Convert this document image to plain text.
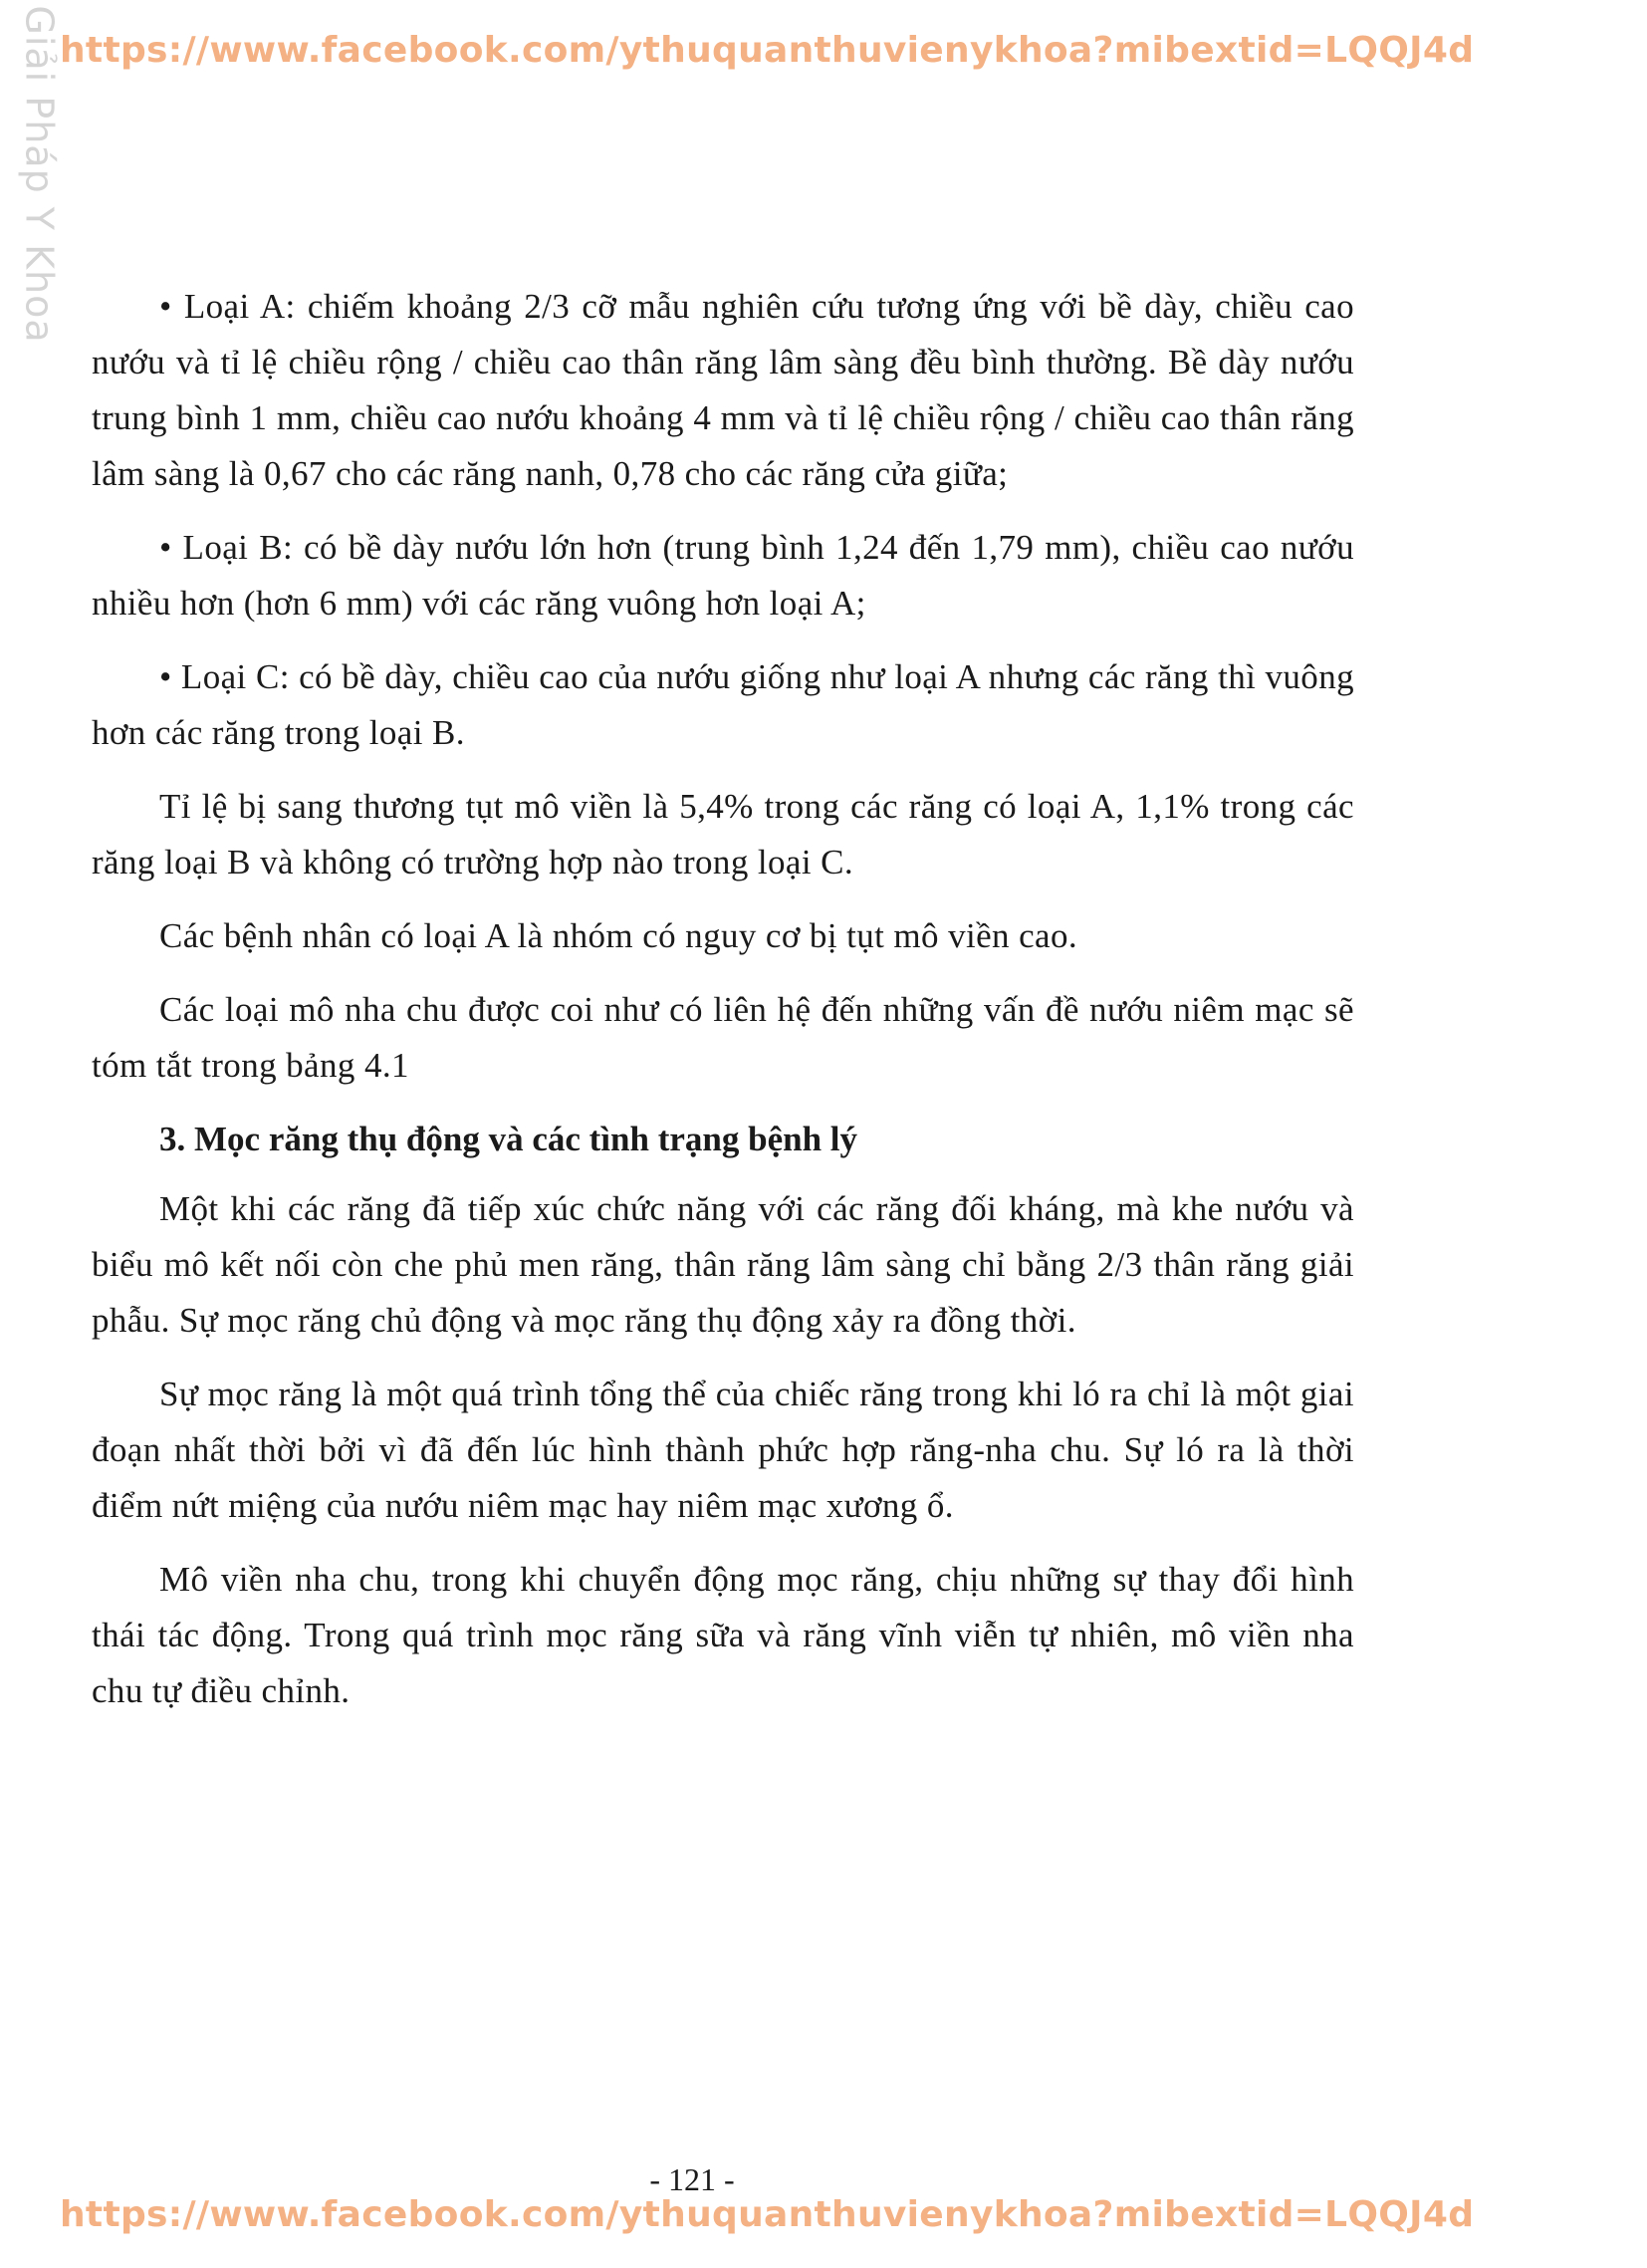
https://www.facebook.com/ythuquanthuvienykhoa?mibextid=LQQJ4d
Giải Pháp Y Khoa	• Loại A: chiếm khoảng 2/3 cỡ mẫu nghiên cứu tương ứng với bề dày, chiều cao nướu và tỉ lệ chiều rộng / chiều cao thân răng lâm sàng đều bình thường. Bề dày nướu trung bình 1 mm, chiều cao nướu khoảng 4 mm và tỉ lệ chiều rộng / chiều cao thân răng lâm sàng là 0,67 cho các răng nanh, 0,78 cho các răng cửa giữa;

• Loại B: có bề dày nướu lớn hơn (trung bình 1,24 đến 1,79 mm), chiều cao nướu nhiều hơn (hơn 6 mm) với các răng vuông hơn loại A;

• Loại C: có bề dày, chiều cao của nướu giống như loại A nhưng các răng thì vuông hơn các răng trong loại B.

Tỉ lệ bị sang thương tụt mô viền là 5,4% trong các răng có loại A, 1,1% trong các răng loại B và không có trường hợp nào trong loại C.

Các bệnh nhân có loại A là nhóm có nguy cơ bị tụt mô viền cao.

Các loại mô nha chu được coi như có liên hệ đến những vấn đề nướu niêm mạc sẽ tóm tắt trong bảng 4.1

3. Mọc răng thụ động và các tình trạng bệnh lý

Một khi các răng đã tiếp xúc chức năng với các răng đối kháng, mà khe nướu và biểu mô kết nối còn che phủ men răng, thân răng lâm sàng chỉ bằng 2/3 thân răng giải phẫu. Sự mọc răng chủ động và mọc răng thụ động xảy ra đồng thời.

Sự mọc răng là một quá trình tổng thể của chiếc răng trong khi ló ra chỉ là một giai đoạn nhất thời bởi vì đã đến lúc hình thành phức hợp răng-nha chu. Sự ló ra là thời điểm nứt miệng của nướu niêm mạc hay niêm mạc xương ổ.

Mô viền nha chu, trong khi chuyển động mọc răng, chịu những sự thay đổi hình thái tác động. Trong quá trình mọc răng sữa và răng vĩnh viễn tự nhiên, mô viền nha chu tự điều chỉnh.

- 121 -
https://www.facebook.com/ythuquanthuvienykhoa?mibextid=LQQJ4d
